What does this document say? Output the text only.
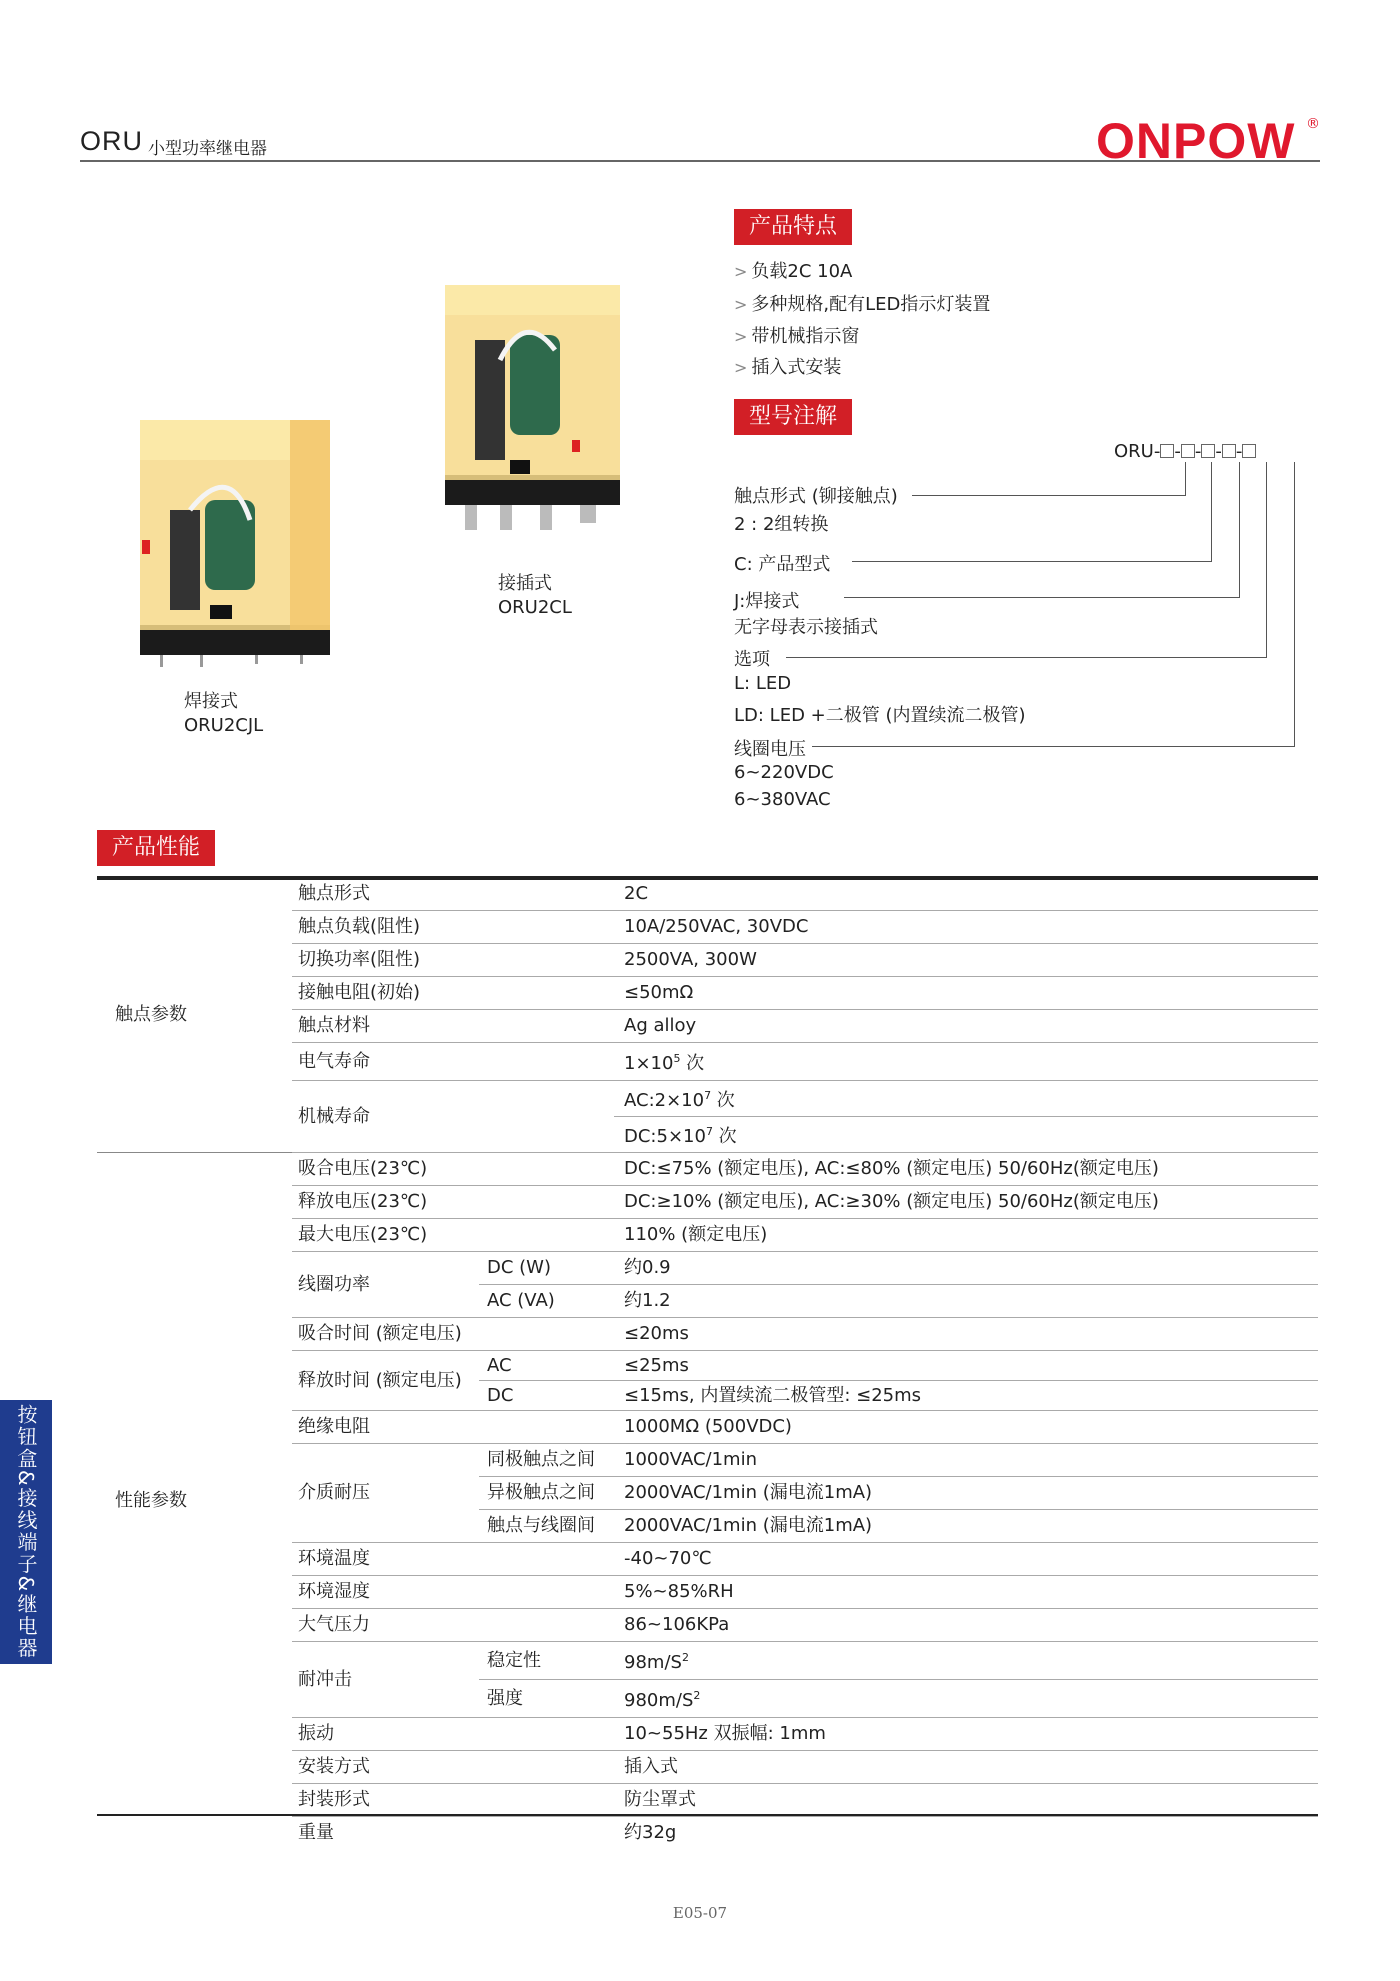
ORU 小型功率继电器	ONPOW ®
接插式
ORU2CL
焊接式
ORU2CJL
产品特点
> 负载2C 10A
> 多种规格,配有LED指示灯装置
> 带机械指示窗
> 插入式安装
型号注解
ORU- - - - -
触点形式 (铆接触点)
2 : 2组转换
C: 产品型式
J:焊接式
无字母表示接插式
选项
L: LED
LD: LED +二极管 (内置续流二极管)
线圈电压
6~220VDC
6~380VAC
产品性能
触点参数	触点形式		2C
	触点负载(阻性)		10A/250VAC, 30VDC
	切换功率(阻性)		2500VA, 300W
	接触电阻(初始)		≤50mΩ
	触点材料		Ag alloy
	电气寿命		$1\times 10^5$ 次
	机械寿命		$AC:2\times 10^7$ 次
			$DC:5\times 10^7$ 次
性能参数	吸合电压(23℃)		DC:≤75% (额定电压), AC:≤80% (额定电压) 50/60Hz(额定电压)
	释放电压(23℃)		DC:≥10% (额定电压), AC:≥30% (额定电压) 50/60Hz(额定电压)
	最大电压(23℃)		110% (额定电压)
	线圈功率	DC (W)	约0.9
		AC (VA)	约1.2
	吸合时间 (额定电压)		≤20ms
	释放时间 (额定电压)	AC	≤25ms
		DC	≤15ms, 内置续流二极管型: ≤25ms
	绝缘电阻		1000MΩ (500VDC)
	介质耐压	同极触点之间	1000VAC/1min
		异极触点之间	2000VAC/1min (漏电流1mA)
		触点与线圈间	2000VAC/1min (漏电流1mA)
	环境温度		-40~70℃
	环境湿度		5%~85%RH
	大气压力		86~106KPa
	耐冲击	稳定性	$98m/S^2$
		强度	$980m/S^2$
	振动		10~55Hz 双振幅: 1mm
	安装方式		插入式
	封装形式		防尘罩式
	重量		约32g
按钮盒&接线端子&继电器
E05-07
